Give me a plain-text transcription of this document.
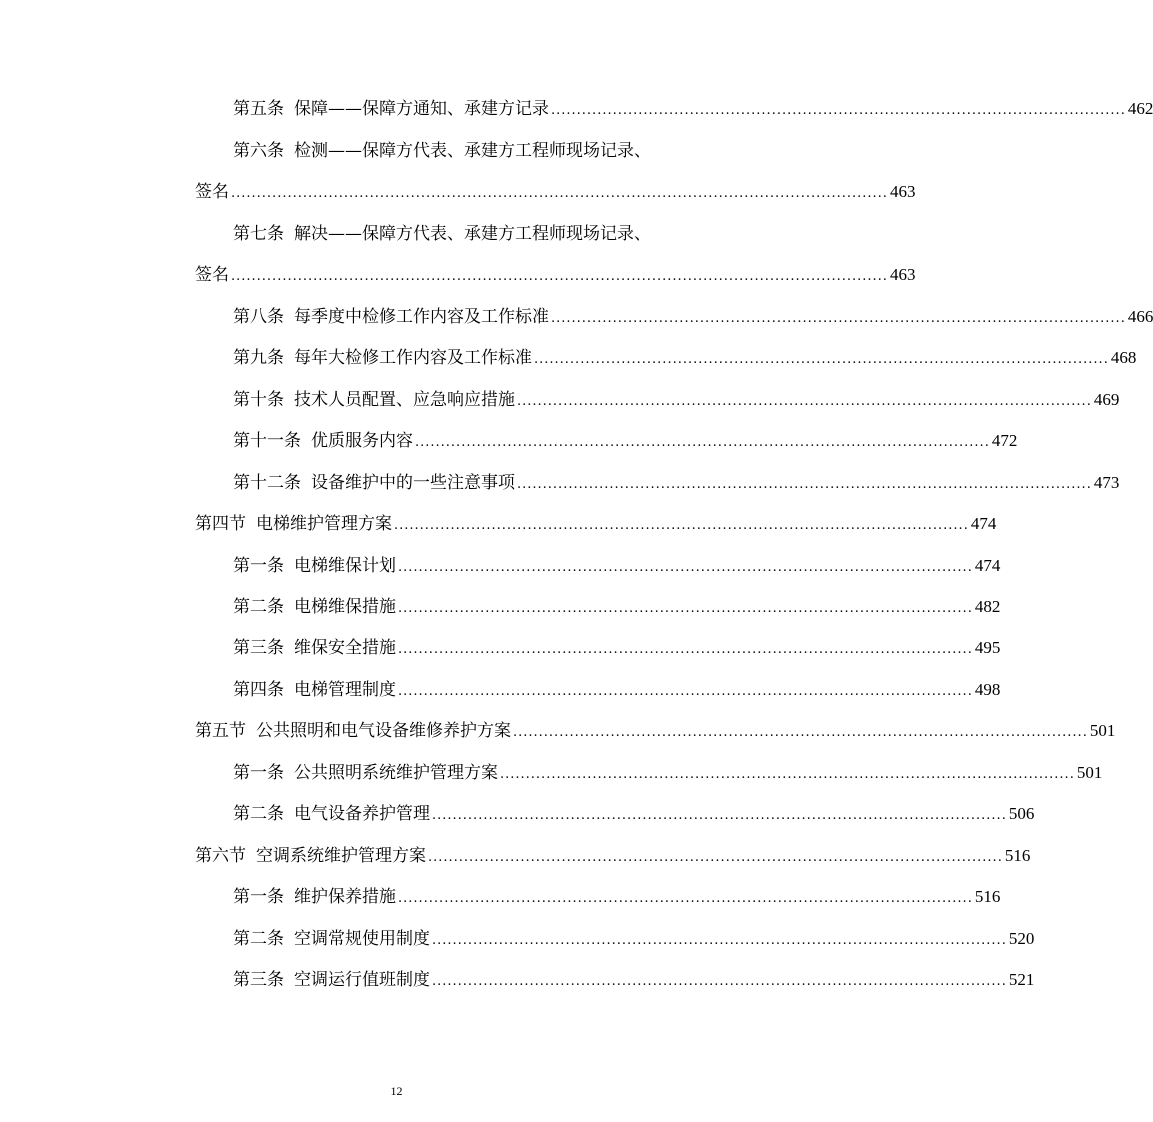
第五条 保障——保障方通知、承建方记录 ................................................................................................................ 462
第六条 检测——保障方代表、承建方工程师现场记录、
签名 ................................................................................................................................ 463
第七条 解决——保障方代表、承建方工程师现场记录、
签名 ................................................................................................................................ 463
第八条 每季度中检修工作内容及工作标准 ................................................................................................................ 466
第九条 每年大检修工作内容及工作标准 ................................................................................................................ 468
第十条 技术人员配置、应急响应措施 ................................................................................................................ 469
第十一条 优质服务内容 ................................................................................................................ 472
第十二条 设备维护中的一些注意事项 ................................................................................................................ 473
第四节 电梯维护管理方案 ................................................................................................................ 474
第一条 电梯维保计划 ................................................................................................................ 474
第二条 电梯维保措施 ................................................................................................................ 482
第三条 维保安全措施 ................................................................................................................ 495
第四条 电梯管理制度 ................................................................................................................ 498
第五节 公共照明和电气设备维修养护方案 ................................................................................................................ 501
第一条 公共照明系统维护管理方案 ................................................................................................................ 501
第二条 电气设备养护管理 ................................................................................................................ 506
第六节 空调系统维护管理方案 ................................................................................................................ 516
第一条 维护保养措施 ................................................................................................................ 516
第二条 空调常规使用制度 ................................................................................................................ 520
第三条 空调运行值班制度 ................................................................................................................ 521
12
